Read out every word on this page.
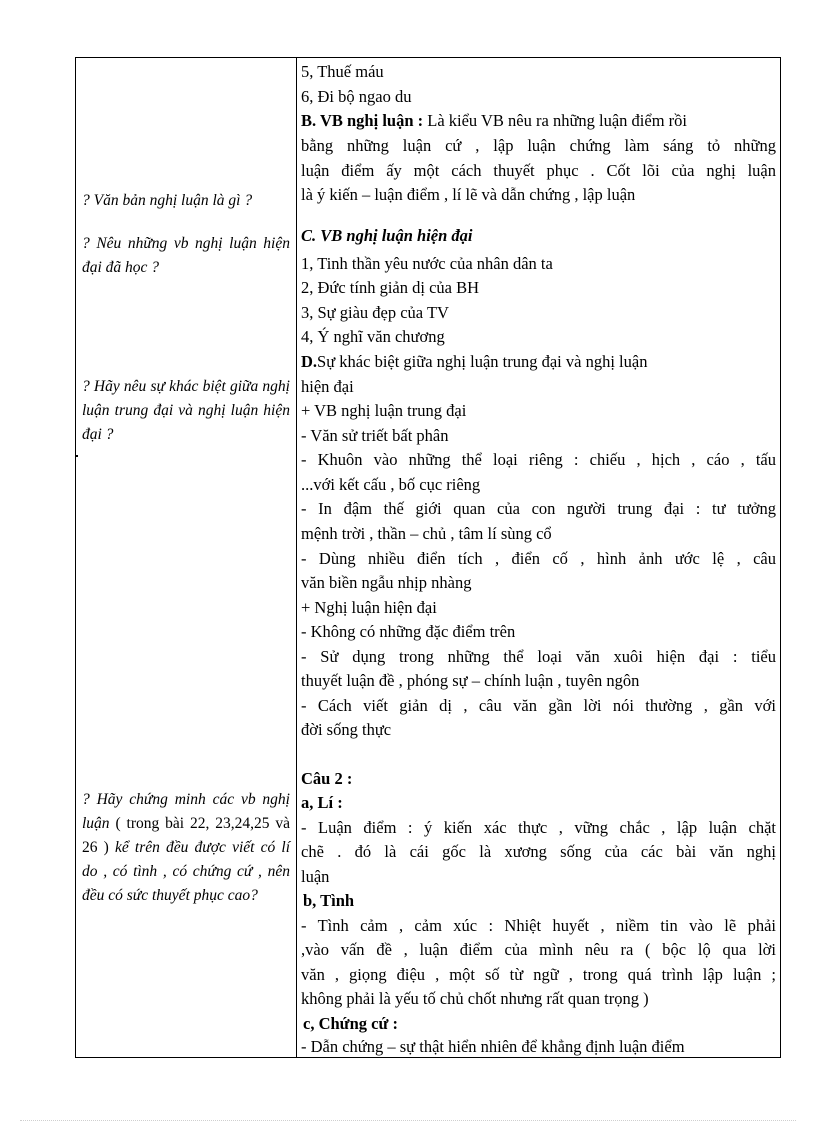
? Văn bản nghị luận là gì ?
? Nêu những vb nghị luận hiện đại đã học ?
? Hãy nêu sự khác biệt giữa nghị luận trung đại và nghị luận hiện đại ?
? Hãy chứng minh các vb nghị luận ( trong bài 22, 23,24,25 và 26 ) kể trên đều được viết có lí do , có tình , có chứng cứ , nên đều có sức thuyết phục cao?
5, Thuế máu
6, Đi bộ ngao du
B. VB nghị luận : Là kiểu VB nêu ra những luận điểm rồi
bằng những luận cứ , lập luận chứng làm sáng tỏ những
luận điểm ấy một cách thuyết phục . Cốt lõi của nghị luận
là ý kiến – luận điểm , lí lẽ và dẫn chứng , lập luận
C. VB nghị luận hiện đại
1, Tinh thần yêu nước của nhân dân ta
2, Đức tính giản dị của BH
3, Sự giàu đẹp của TV
4, Ý nghĩ văn chương
D.Sự khác biệt giữa nghị luận trung đại và nghị luận
hiện đại
+ VB nghị luận trung đại
- Văn sử triết bất phân
- Khuôn vào những thể loại riêng : chiếu , hịch , cáo , tấu
...với kết cấu , bố cục riêng
- In đậm thế giới quan của con người trung đại : tư tưởng
mệnh trời , thần – chủ , tâm lí sùng cổ
- Dùng nhiều điển tích , điển cố , hình ảnh ước lệ , câu
văn biền ngẫu nhịp nhàng
+ Nghị luận hiện đại
- Không có những đặc điểm trên
- Sử dụng trong những thể loại văn xuôi hiện đại : tiểu
thuyết luận đề , phóng sự – chính luận , tuyên ngôn
- Cách viết giản dị , câu văn gần lời nói thường , gần với
đời sống thực
Câu 2 :
a, Lí :
- Luận điểm : ý kiến xác thực , vững chắc , lập luận chặt
chẽ . đó là cái gốc là xương sống của các bài văn nghị
luận
b, Tình
- Tình cảm , cảm xúc : Nhiệt huyết , niềm tin vào lẽ phải
,vào vấn đề , luận điểm của mình nêu ra ( bộc lộ qua lời
văn , giọng điệu , một số từ ngữ , trong quá trình lập luận ;
không phải là yếu tố chủ chốt nhưng rất quan trọng )
c, Chứng cứ :
- Dẫn chứng – sự thật hiển nhiên để khẳng định luận điểm
